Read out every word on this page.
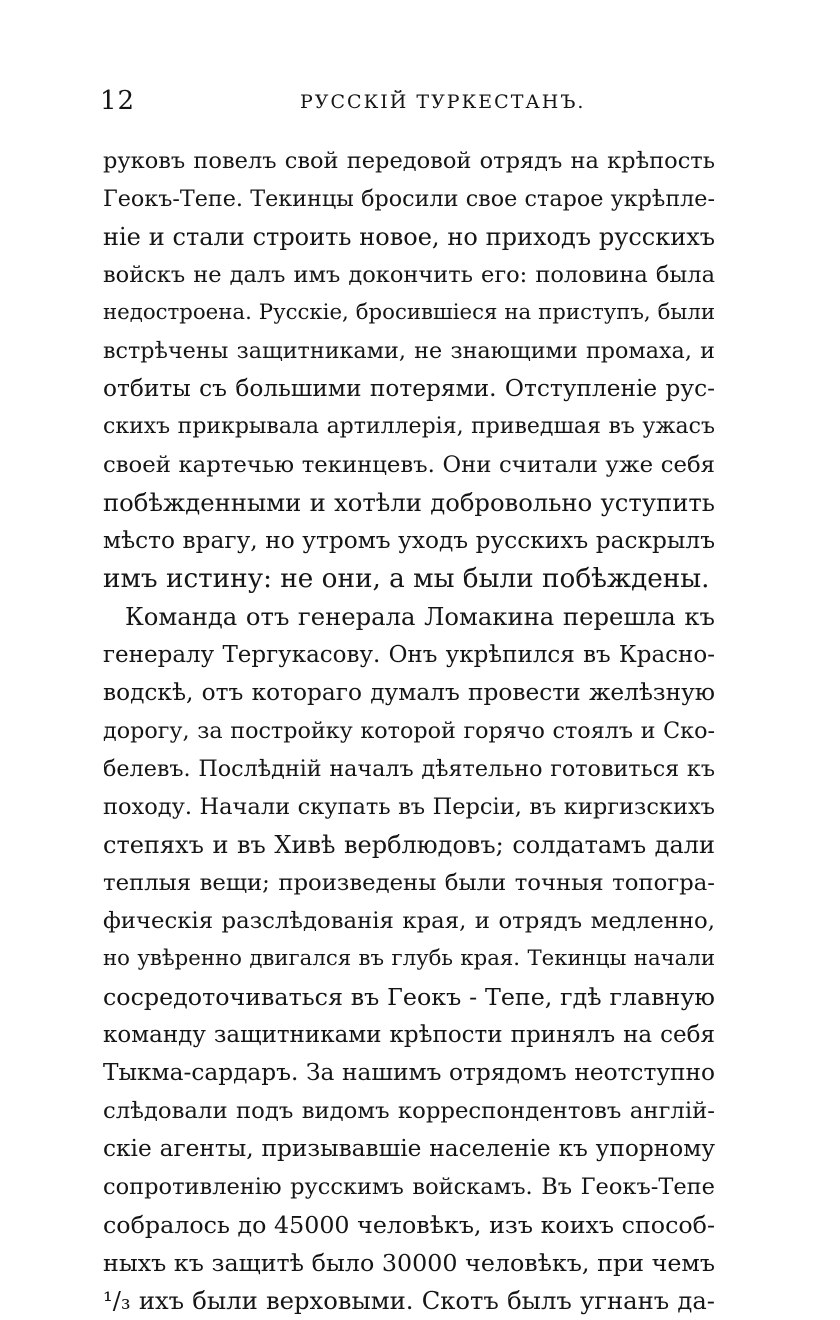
12	РУССКІЙ ТУРКЕСТАНЪ.
руковъ повелъ свой передовой отрядъ на крѣпость
Геокъ-Тепе. Текинцы бросили свое старое укрѣпле-
ніе и стали строить новое, но приходъ русскихъ
войскъ не далъ имъ докончить его: половина была
недостроена. Русскіе, бросившіеся на приступъ, были
встрѣчены защитниками, не знающими промаха, и
отбиты съ большими потерями. Отступленіе рус-
скихъ прикрывала артиллерія, приведшая въ ужасъ
своей картечью текинцевъ. Они считали уже себя
побѣжденными и хотѣли добровольно уступить
мѣсто врагу, но утромъ уходъ русскихъ раскрылъ
имъ истину: не они, а мы были побѣждены.
Команда отъ генерала Ломакина перешла къ
генералу Тергукасову. Онъ укрѣпился въ Красно-
водскѣ, отъ котораго думалъ провести желѣзную
дорогу, за постройку которой горячо стоялъ и Ско-
белевъ. Послѣдній началъ дѣятельно готовиться къ
походу. Начали скупать въ Персіи, въ киргизскихъ
степяхъ и въ Хивѣ верблюдовъ; солдатамъ дали
теплыя вещи; произведены были точныя топогра-
фическія разслѣдованія края, и отрядъ медленно,
но увѣренно двигался въ глубь края. Текинцы начали
сосредоточиваться въ Геокъ - Тепе, гдѣ главную
команду защитниками крѣпости принялъ на себя
Тыкма-сардаръ. За нашимъ отрядомъ неотступно
слѣдовали подъ видомъ корреспондентовъ англій-
скіе агенты, призывавшіе населеніе къ упорному
сопротивленію русскимъ войскамъ. Въ Геокъ-Тепе
собралось до 45000 человѣкъ, изъ коихъ способ-
ныхъ къ защитѣ было 30000 человѣкъ, при чемъ
¹/₃ ихъ были верховыми. Скотъ былъ угнанъ да-
